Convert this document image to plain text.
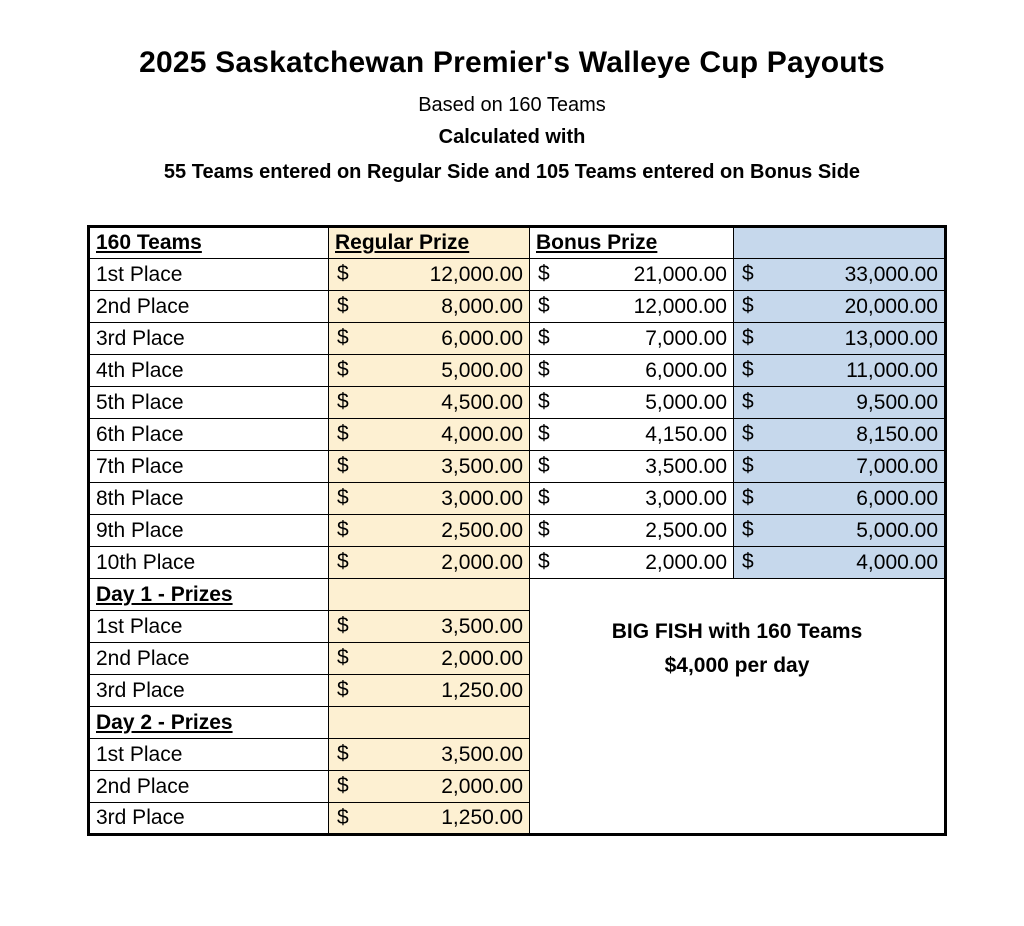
2025 Saskatchewan Premier's Walleye Cup Payouts
Based on 160 Teams
Calculated with
55 Teams entered on Regular Side and 105 Teams entered on Bonus Side
160 Teams	Regular Prize	Bonus Prize	
1st Place	$ 12,000.00	$ 21,000.00	$ 33,000.00

2nd Place	$ 8,000.00	$ 12,000.00	$ 20,000.00

3rd Place	$ 6,000.00	$ 7,000.00	$ 13,000.00

4th Place	$ 5,000.00	$ 6,000.00	$ 11,000.00

5th Place	$ 4,500.00	$ 5,000.00	$ 9,500.00

6th Place	$ 4,000.00	$ 4,150.00	$ 8,150.00

7th Place	$ 3,500.00	$ 3,500.00	$ 7,000.00

8th Place	$ 3,000.00	$ 3,000.00	$ 6,000.00

9th Place	$ 2,500.00	$ 2,500.00	$ 5,000.00

10th Place	$ 2,000.00	$ 2,000.00	$ 4,000.00

Day 1 - Prizes		BIG FISH with 160 Teams
$4,000 per day	

1st Place	$ 3,500.00		

2nd Place	$ 2,000.00		

3rd Place	$ 1,250.00		

Day 2 - Prizes			
1st Place	$ 3,500.00		

2nd Place	$ 2,000.00		

3rd Place	$ 1,250.00		
